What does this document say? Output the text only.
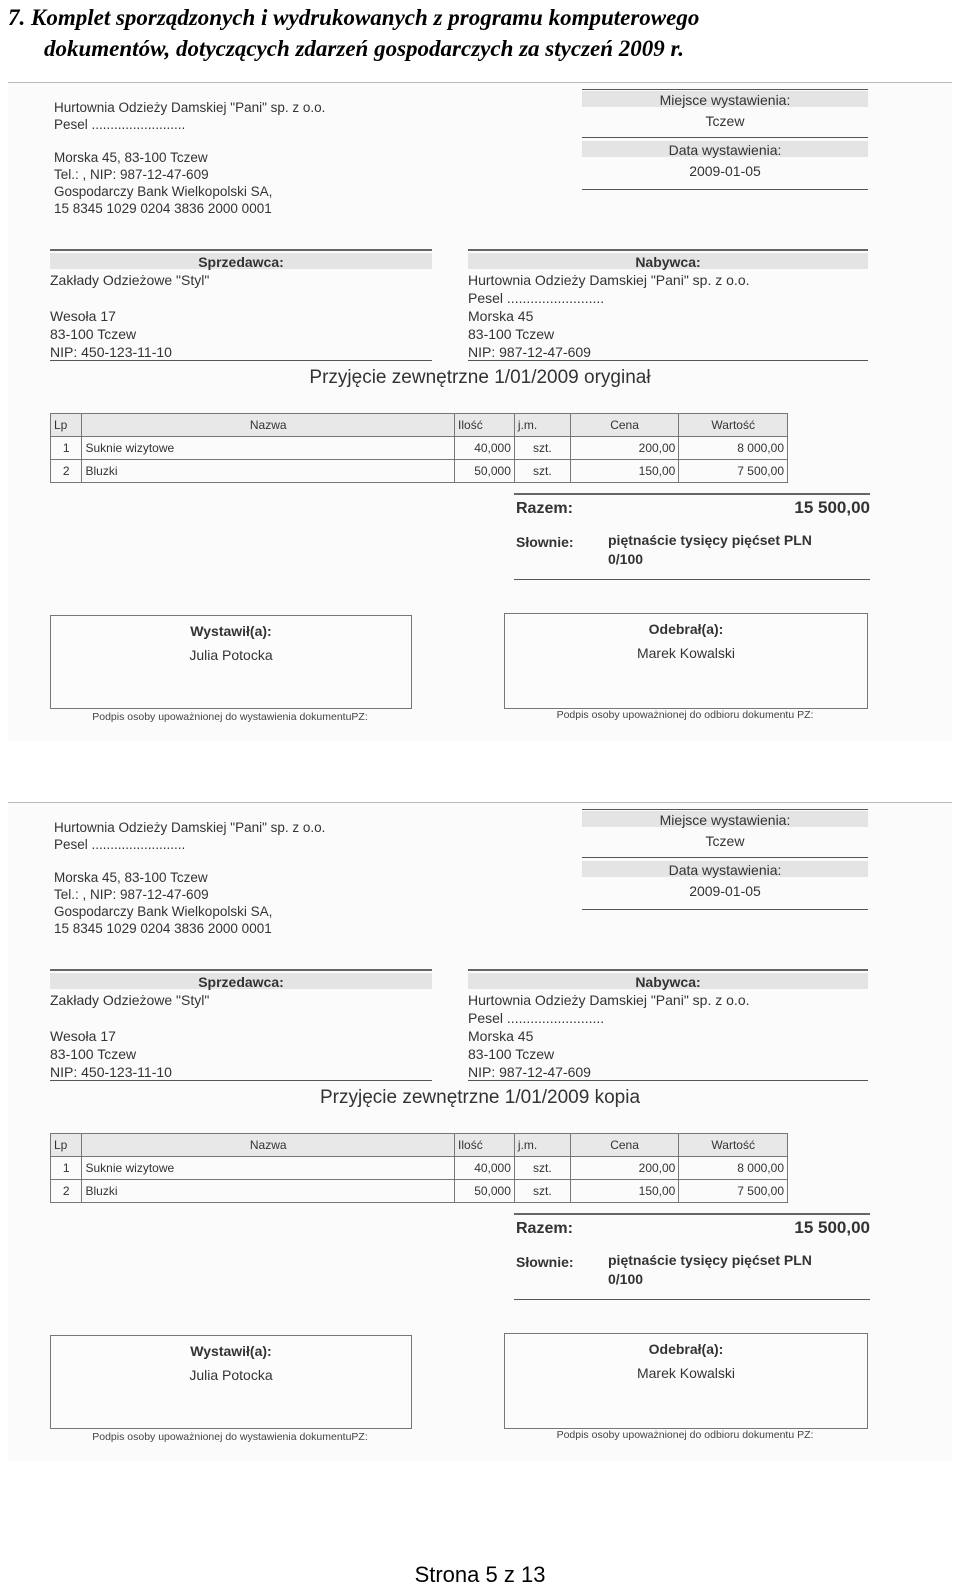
7. Komplet sporządzonych i wydrukowanych z programu komputerowego
dokumentów, dotyczących zdarzeń gospodarczych za styczeń 2009 r.
Hurtownia Odzieży Damskiej "Pani" sp. z o.o.
Pesel .........................
Morska 45, 83-100 Tczew
Tel.: , NIP: 987-12-47-609
Gospodarczy Bank Wielkopolski SA,
15 8345 1029 0204 3836 2000 0001
Miejsce wystawienia:
Tczew
Data wystawienia:
2009-01-05
Sprzedawca:
Zakłady Odzieżowe "Styl"
Wesoła 17
83-100 Tczew
NIP: 450-123-11-10
Nabywca:
Hurtownia Odzieży Damskiej "Pani" sp. z o.o.
Pesel .........................
Morska 45
83-100 Tczew
NIP: 987-12-47-609
Przyjęcie zewnętrzne 1/01/2009 oryginał
Lp	Nazwa	Ilość	j.m.	Cena	Wartość
1	Suknie wizytowe	40,000	szt.	200,00	8 000,00
2	Bluzki	50,000	szt.	150,00	7 500,00
Razem:	15 500,00
Słownie: piętnaście tysięcy pięćset PLN
0/100
Wystawił(a):
Julia Potocka
Odebrał(a):
Marek Kowalski
Podpis osoby upoważnionej do wystawienia dokumentuPZ:	Podpis osoby upoważnionej do odbioru dokumentu PZ:
Hurtownia Odzieży Damskiej "Pani" sp. z o.o.
Pesel .........................
Morska 45, 83-100 Tczew
Tel.: , NIP: 987-12-47-609
Gospodarczy Bank Wielkopolski SA,
15 8345 1029 0204 3836 2000 0001
Miejsce wystawienia:
Tczew
Data wystawienia:
2009-01-05
Sprzedawca:
Zakłady Odzieżowe "Styl"
Wesoła 17
83-100 Tczew
NIP: 450-123-11-10
Nabywca:
Hurtownia Odzieży Damskiej "Pani" sp. z o.o.
Pesel .........................
Morska 45
83-100 Tczew
NIP: 987-12-47-609
Przyjęcie zewnętrzne 1/01/2009 kopia
Lp	Nazwa	Ilość	j.m.	Cena	Wartość
1	Suknie wizytowe	40,000	szt.	200,00	8 000,00
2	Bluzki	50,000	szt.	150,00	7 500,00
Razem:	15 500,00
Słownie: piętnaście tysięcy pięćset PLN
0/100
Wystawił(a):
Julia Potocka
Odebrał(a):
Marek Kowalski
Podpis osoby upoważnionej do wystawienia dokumentuPZ:	Podpis osoby upoważnionej do odbioru dokumentu PZ:
Strona 5 z 13
